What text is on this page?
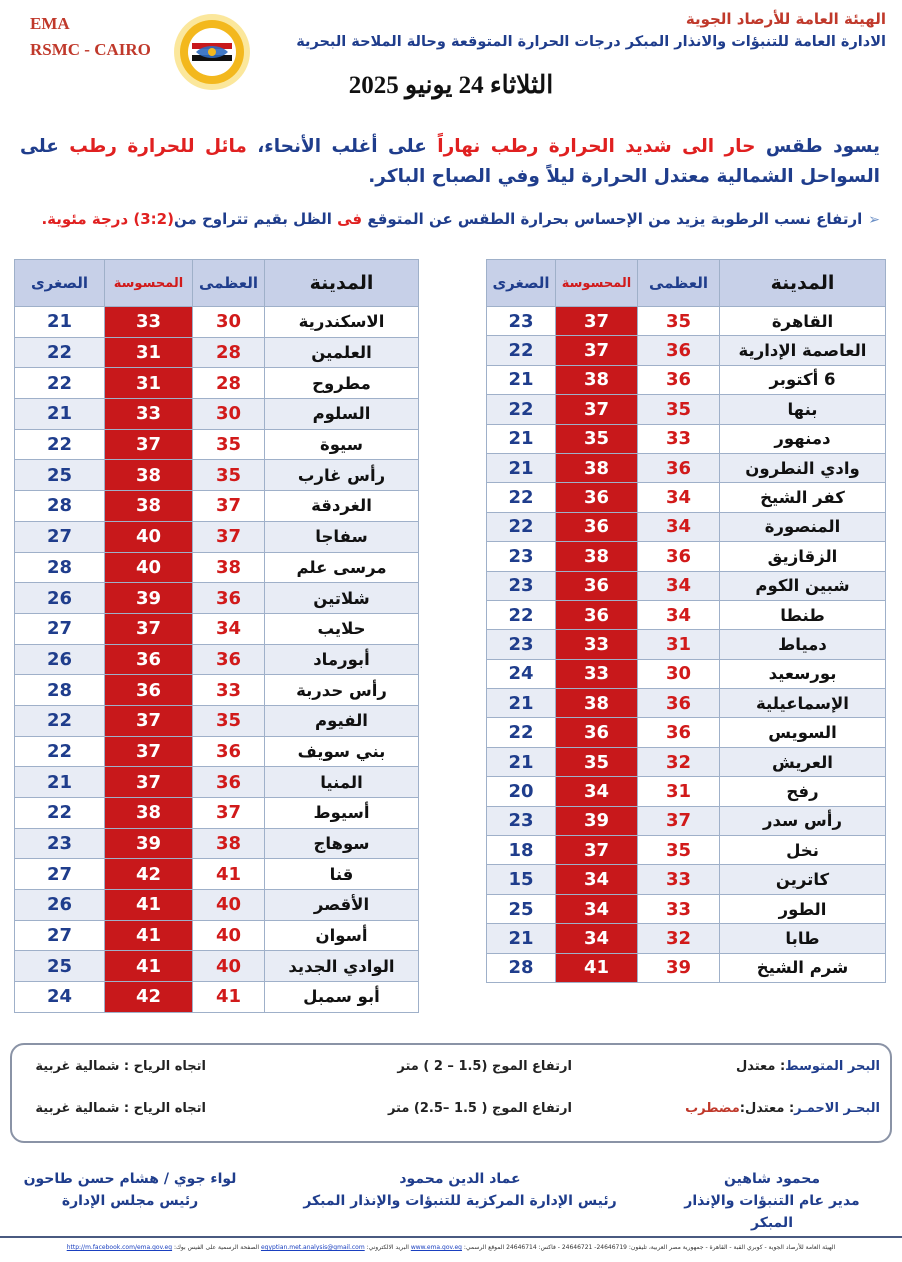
EMA
RSMC - CAIRO
الهيئة العامة للأرصاد الجوية
الادارة العامة للتنبؤات والانذار المبكر درجات الحرارة المتوقعة وحالة الملاحة البحرية
الثلاثاء 24 يونيو 2025
يسود طقس حار الى شديد الحرارة رطب نهاراً على أغلب الأنحاء، مائل للحرارة رطب على السواحل الشمالية معتدل الحرارة ليلاً وفي الصباح الباكر.
➢ارتفاع نسب الرطوبة يزيد من الإحساس بحرارة الطقس عن المتوقع فى الظل بقيم تتراوح من(3:2) درجة مئوية.
المدينة	العظمى	المحسوسة	الصغرى
القاهرة	35	37	23
العاصمة الإدارية	36	37	22
6 أكتوبر	36	38	21
بنها	35	37	22
دمنهور	33	35	21
وادي النطرون	36	38	21
كفر الشيخ	34	36	22
المنصورة	34	36	22
الزقازيق	36	38	23
شبين الكوم	34	36	23
طنطا	34	36	22
دمياط	31	33	23
بورسعيد	30	33	24
الإسماعيلية	36	38	21
السويس	36	36	22
العريش	32	35	21
رفح	31	34	20
رأس سدر	37	39	23
نخل	35	37	18
كاترين	33	34	15
الطور	33	34	25
طابا	32	34	21
شرم الشيخ	39	41	28
المدينة	العظمى	المحسوسة	الصغرى
الاسكندرية	30	33	21
العلمين	28	31	22
مطروح	28	31	22
السلوم	30	33	21
سيوة	35	37	22
رأس غارب	35	38	25
الغردقة	37	38	28
سفاجا	37	40	27
مرسى علم	38	40	28
شلاتين	36	39	26
حلايب	34	37	27
أبورماد	36	36	26
رأس حدربة	33	36	28
الفيوم	35	37	22
بني سويف	36	37	22
المنيا	36	37	21
أسيوط	37	38	22
سوهاج	38	39	23
قنا	41	42	27
الأقصر	40	41	26
أسوان	40	41	27
الوادي الجديد	40	41	25
أبو سمبل	41	42	24
البحر المتوسط: معتدل
ارتفاع الموج (1.5 – 2 ) متر
اتجاه الرياح : شمالية غربية
البحـر الاحمـر: معتدل:مضطرب
ارتفاع الموج ( 1.5 –2.5) متر
اتجاه الرياح : شمالية غربية
محمود شاهين
مدير عام التنبؤات والإنذار المبكر
عماد الدين محمود
رئيس الإدارة المركزية للتنبؤات والإنذار المبكر
لواء جوي / هشام حسن طاحون
رئيس مجلس الإدارة
الهيئة العامة للأرصاد الجوية - كوبري القبة - القاهرة - جمهورية مصر العربية، تليفون: 24646719- 24646721 - فاكس: 24646714 الموقع الرسمي: www.ema.gov.eg البريد الالكتروني: egyptian.met.analysis@gmail.com الصفحة الرسمية على الفيس بوك: http://m.facebook.com/ema.gov.eg
